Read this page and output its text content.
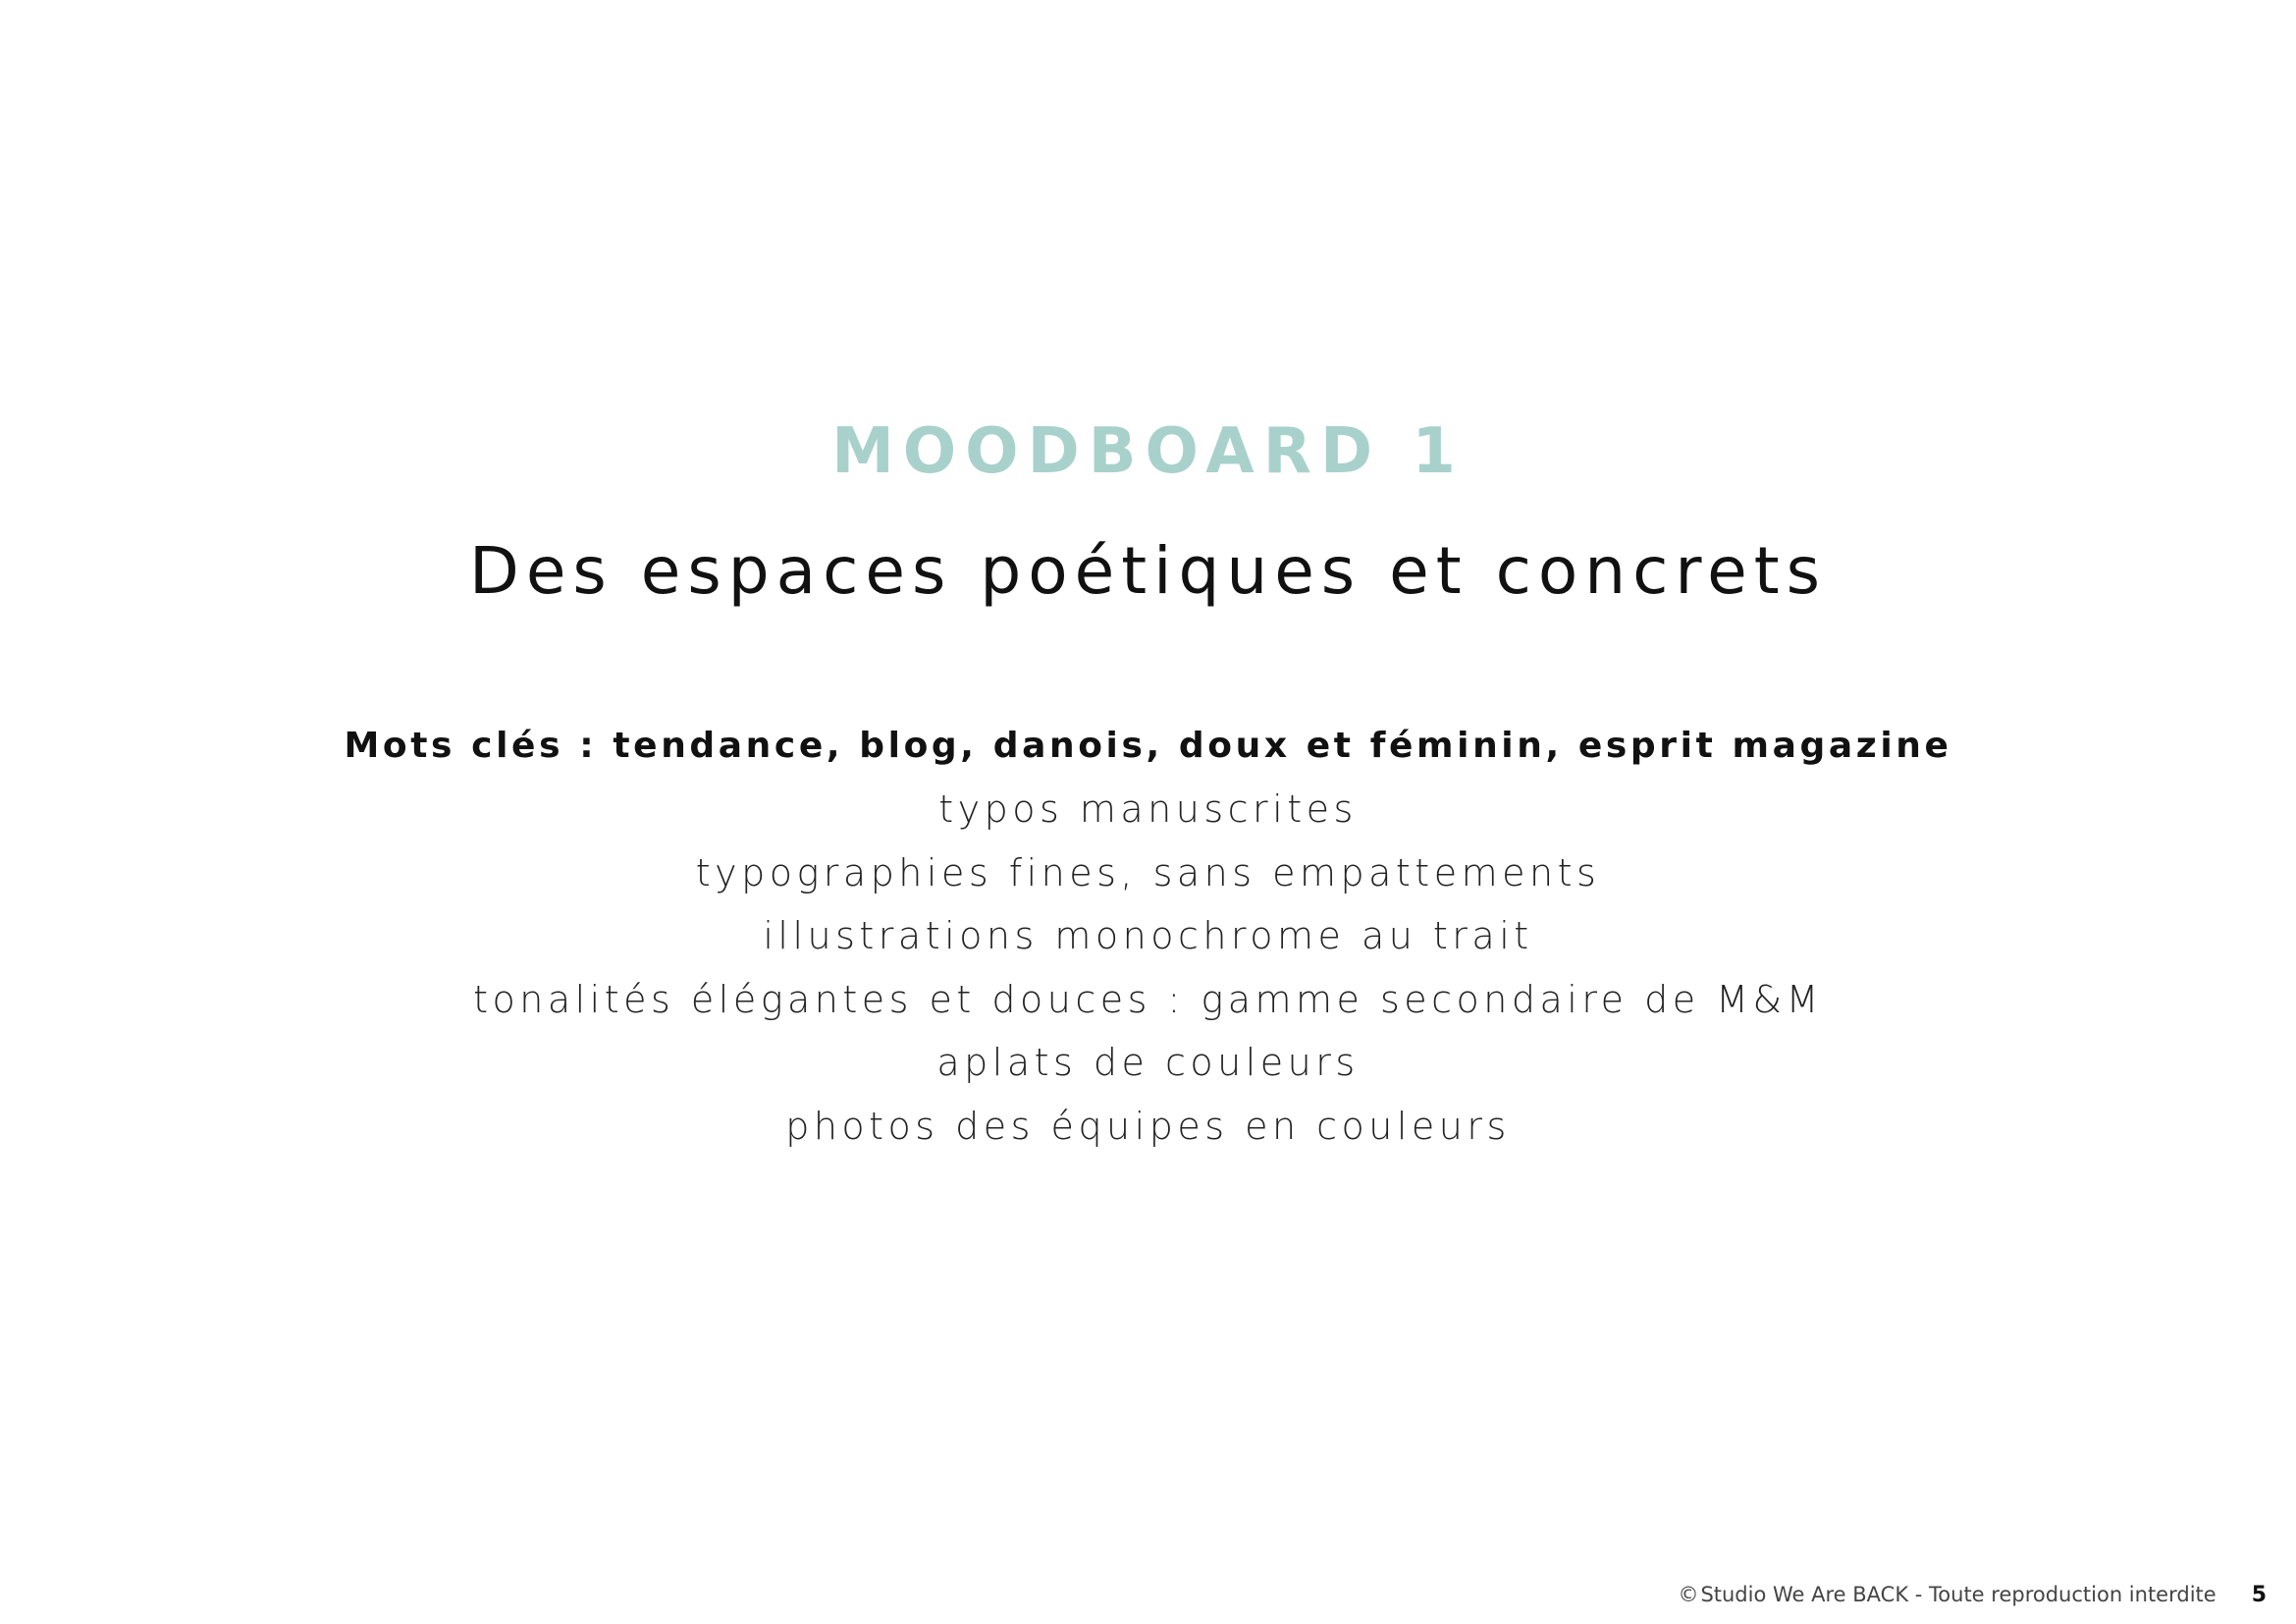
MOODBOARD 1
Des espaces poétiques et concrets
Mots clés : tendance, blog, danois, doux et féminin, esprit magazine
typos manuscrites
typographies fines, sans empattements
illustrations monochrome au trait
tonalités élégantes et douces : gamme secondaire de M&M
aplats de couleurs
photos des équipes en couleurs
©Studio We Are BACK - Toute reproduction interdite 5
